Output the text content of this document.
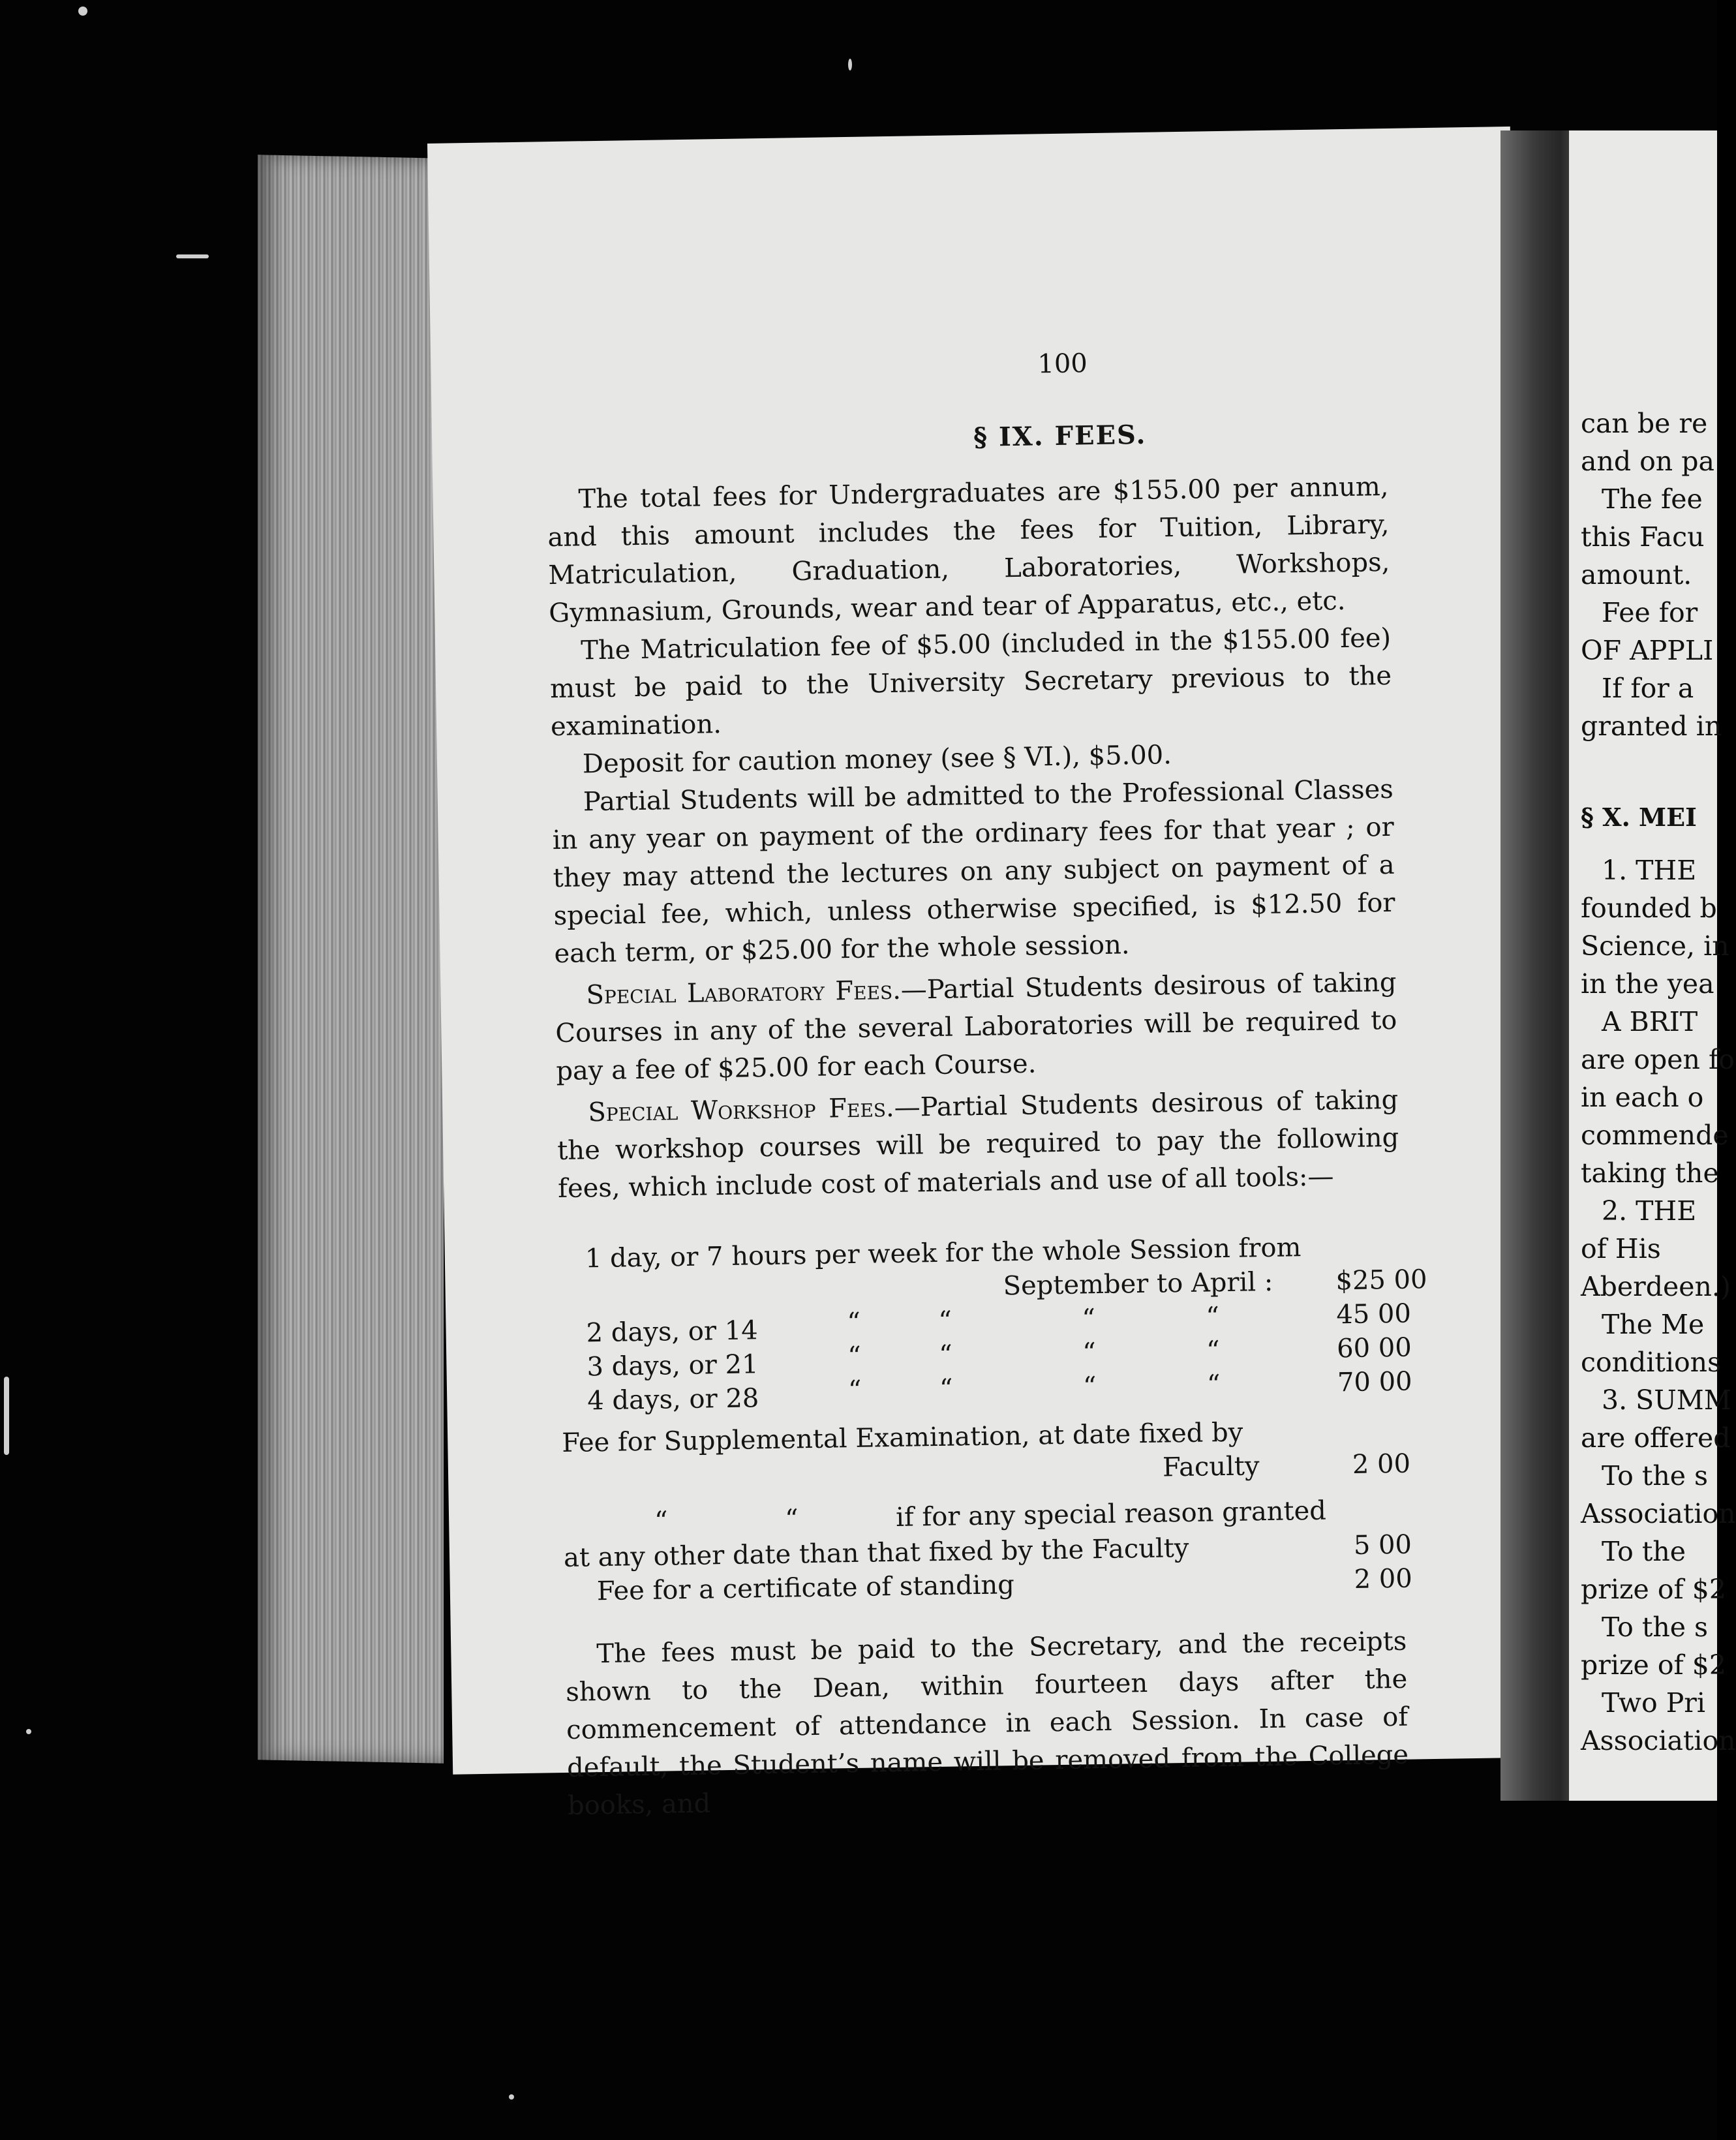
100
§ IX. FEES.

The total fees for Undergraduates are $155.00 per annum, and this amount includes the fees for Tuition, Library, Matriculation, Graduation, Laboratories, Workshops, Gymnasium, Grounds, wear and tear of Apparatus, etc., etc.

The Matriculation fee of $5.00 (included in the $155.00 fee) must be paid to the University Secretary previous to the examination.

Deposit for caution money (see § VI.), $5.00.

Partial Students will be admitted to the Professional Classes in any year on payment of the ordinary fees for that year ; or they may attend the lectures on any subject on payment of a special fee, which, unless otherwise specified, is $12.50 for each term, or $25.00 for the whole session.

Special Laboratory Fees.—Partial Students desirous of taking Courses in any of the several Laboratories will be required to pay a fee of $25.00 for each Course.

Special Workshop Fees.—Partial Students desirous of taking the workshop courses will be required to pay the following fees, which include cost of materials and use of all tools:—

1 day, or 7 hours per week for the whole Session from
September to April : $25 00
2 days, or 14	“	“	“	“	45 00
3 days, or 21	“	“	“	“	60 00
4 days, or 28	“	“	“	“	70 00
Fee for Supplemental Examination, at date fixed by
Faculty	2 00
“	“	if for any special reason granted
at any other date than that fixed by the Faculty	5 00
Fee for a certificate of standing	2 00

The fees must be paid to the Secretary, and the receipts shown to the Dean, within fourteen days after the commencement of attendance in each Session. In case of default, the Student’s name will be removed from the College books, and

can be re
and on pa
The fee
this Facu
amount.
Fee for
OF APPLI
If for a
granted in
§ X. MEI
1. THE
founded b
Science, in
in the yea
A BRIT
are open fo
in each o
commende
taking the
2. THE
of His
Aberdeen.)
The Me
conditions
3. SUMM
are offered
To the s
Association
To the
prize of $2
To the s
prize of $2
Two Pri
Association
